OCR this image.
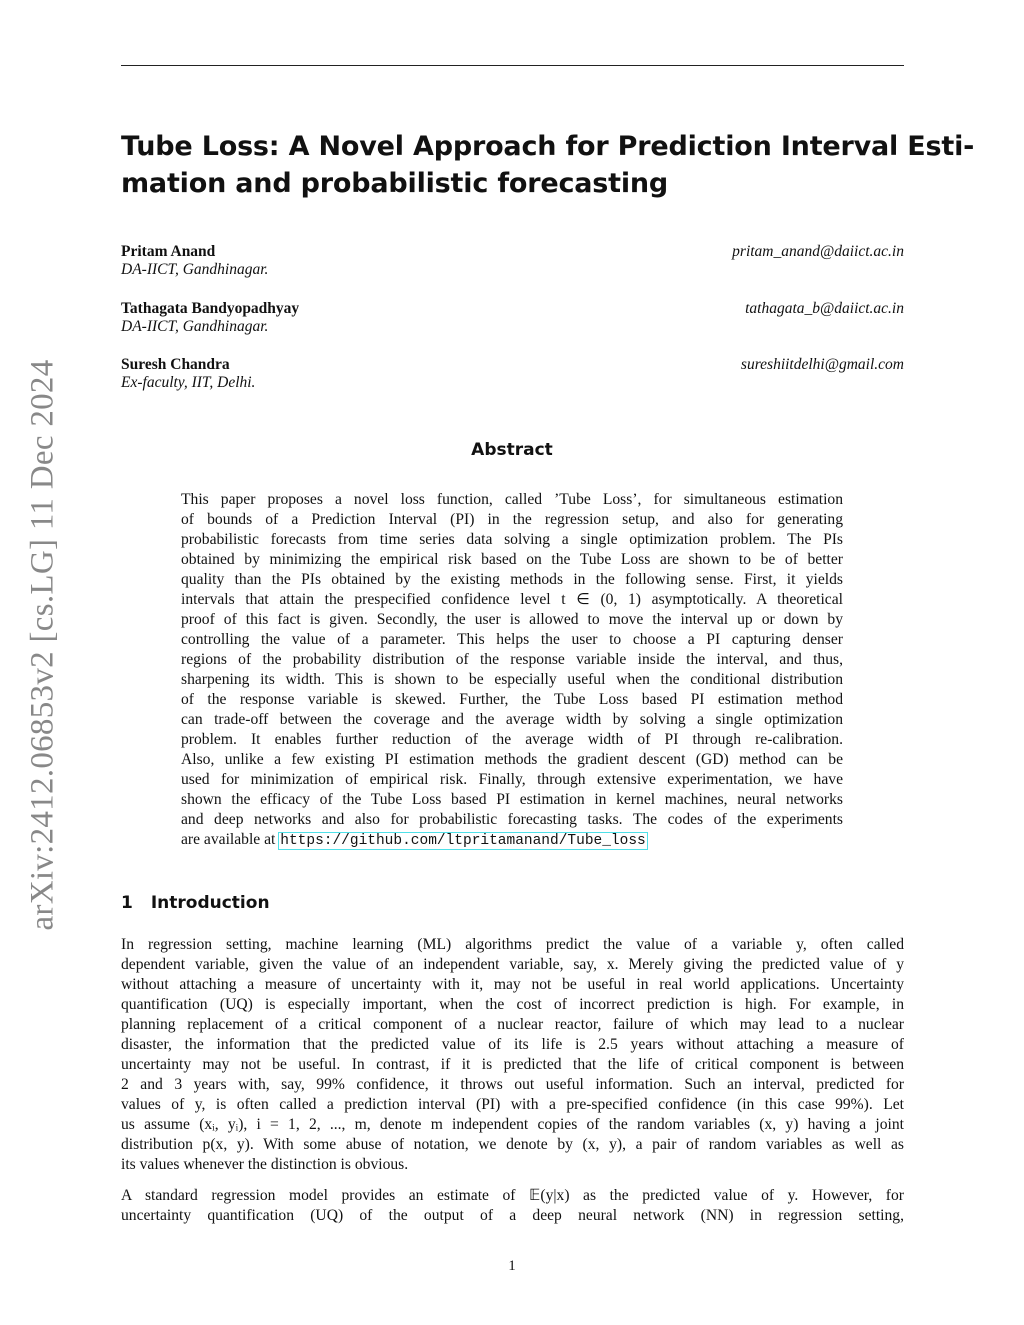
arXiv:2412.06853v2 [cs.LG] 11 Dec 2024
Tube Loss: A Novel Approach for Prediction Interval Esti-
mation and probabilistic forecasting
Pritam Anand
DA-IICT, Gandhinagar.
pritam_anand@daiict.ac.in
Tathagata Bandyopadhyay
DA-IICT, Gandhinagar.
tathagata_b@daiict.ac.in
Suresh Chandra
Ex-faculty, IIT, Delhi.
sureshiitdelhi@gmail.com
Abstract
This paper proposes a novel loss function, called ’Tube Loss’, for simultaneous estimation
of bounds of a Prediction Interval (PI) in the regression setup, and also for generating
probabilistic forecasts from time series data solving a single optimization problem. The PIs
obtained by minimizing the empirical risk based on the Tube Loss are shown to be of better
quality than the PIs obtained by the existing methods in the following sense. First, it yields
intervals that attain the prespecified confidence level t ∈ (0, 1) asymptotically. A theoretical
proof of this fact is given. Secondly, the user is allowed to move the interval up or down by
controlling the value of a parameter. This helps the user to choose a PI capturing denser
regions of the probability distribution of the response variable inside the interval, and thus,
sharpening its width. This is shown to be especially useful when the conditional distribution
of the response variable is skewed. Further, the Tube Loss based PI estimation method
can trade-off between the coverage and the average width by solving a single optimization
problem. It enables further reduction of the average width of PI through re-calibration.
Also, unlike a few existing PI estimation methods the gradient descent (GD) method can be
used for minimization of empirical risk. Finally, through extensive experimentation, we have
shown the efficacy of the Tube Loss based PI estimation in kernel machines, neural networks
and deep networks and also for probabilistic forecasting tasks. The codes of the experiments
are available at https://github.com/ltpritamanand/Tube_loss
1 Introduction
In regression setting, machine learning (ML) algorithms predict the value of a variable y, often called
dependent variable, given the value of an independent variable, say, x. Merely giving the predicted value of y
without attaching a measure of uncertainty with it, may not be useful in real world applications. Uncertainty
quantification (UQ) is especially important, when the cost of incorrect prediction is high. For example, in
planning replacement of a critical component of a nuclear reactor, failure of which may lead to a nuclear
disaster, the information that the predicted value of its life is 2.5 years without attaching a measure of
uncertainty may not be useful. In contrast, if it is predicted that the life of critical component is between
2 and 3 years with, say, 99% confidence, it throws out useful information. Such an interval, predicted for
values of y, is often called a prediction interval (PI) with a pre-specified confidence (in this case 99%). Let
us assume (xᵢ, yᵢ), i = 1, 2, ..., m, denote m independent copies of the random variables (x, y) having a joint
distribution p(x, y). With some abuse of notation, we denote by (x, y), a pair of random variables as well as
its values whenever the distinction is obvious.
A standard regression model provides an estimate of 𝔼(y|x) as the predicted value of y. However, for
uncertainty quantification (UQ) of the output of a deep neural network (NN) in regression setting,
1
